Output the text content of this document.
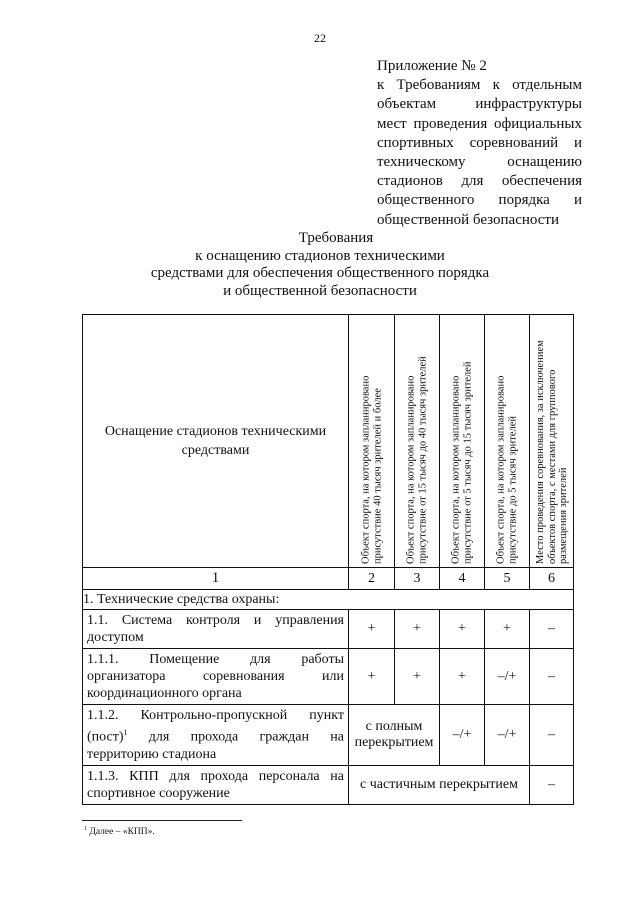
22
Приложение № 2
к Требованиям к отдельным
объектам инфраструктуры
мест проведения официальных
спортивных соревнований и
техническому оснащению
стадионов для обеспечения
общественного порядка и
общественной безопасности
Требования
к оснащению стадионов техническими
средствами для обеспечения общественного порядка
и общественной безопасности
Оснащение стадионов техническими средствами	Объект спорта, на котором запланировано присутствие 40 тысяч зрителей и более	Объект спорта, на котором запланировано присутствие от 15 тысяч до 40 тысяч зрителей	Объект спорта, на котором запланировано присутствие от 5 тысяч до 15 тысяч зрителей	Объект спорта, на котором запланировано присутствие до 5 тысяч зрителей	Место проведения соревнования, за исключением объектов спорта, с местами для группового размещения зрителей

1	2	3	4	5	6
1. Технические средства охраны:					
1.1. Система контроля и управления
доступом	+	+	+	+	–
1.1.1. Помещение для работы организатора соревнования или
координационного органа	+	+	+	–/+	–
1.1.2. Контрольно-пропускной пункт (пост)$^1$ для прохода граждан на
территорию стадиона	с полным перекрытием		–/+	–/+	–
1.1.3. КПП для прохода персонала на
спортивное сооружение	с частичным перекрытием				–
$^1$ Далее – «КПП».
